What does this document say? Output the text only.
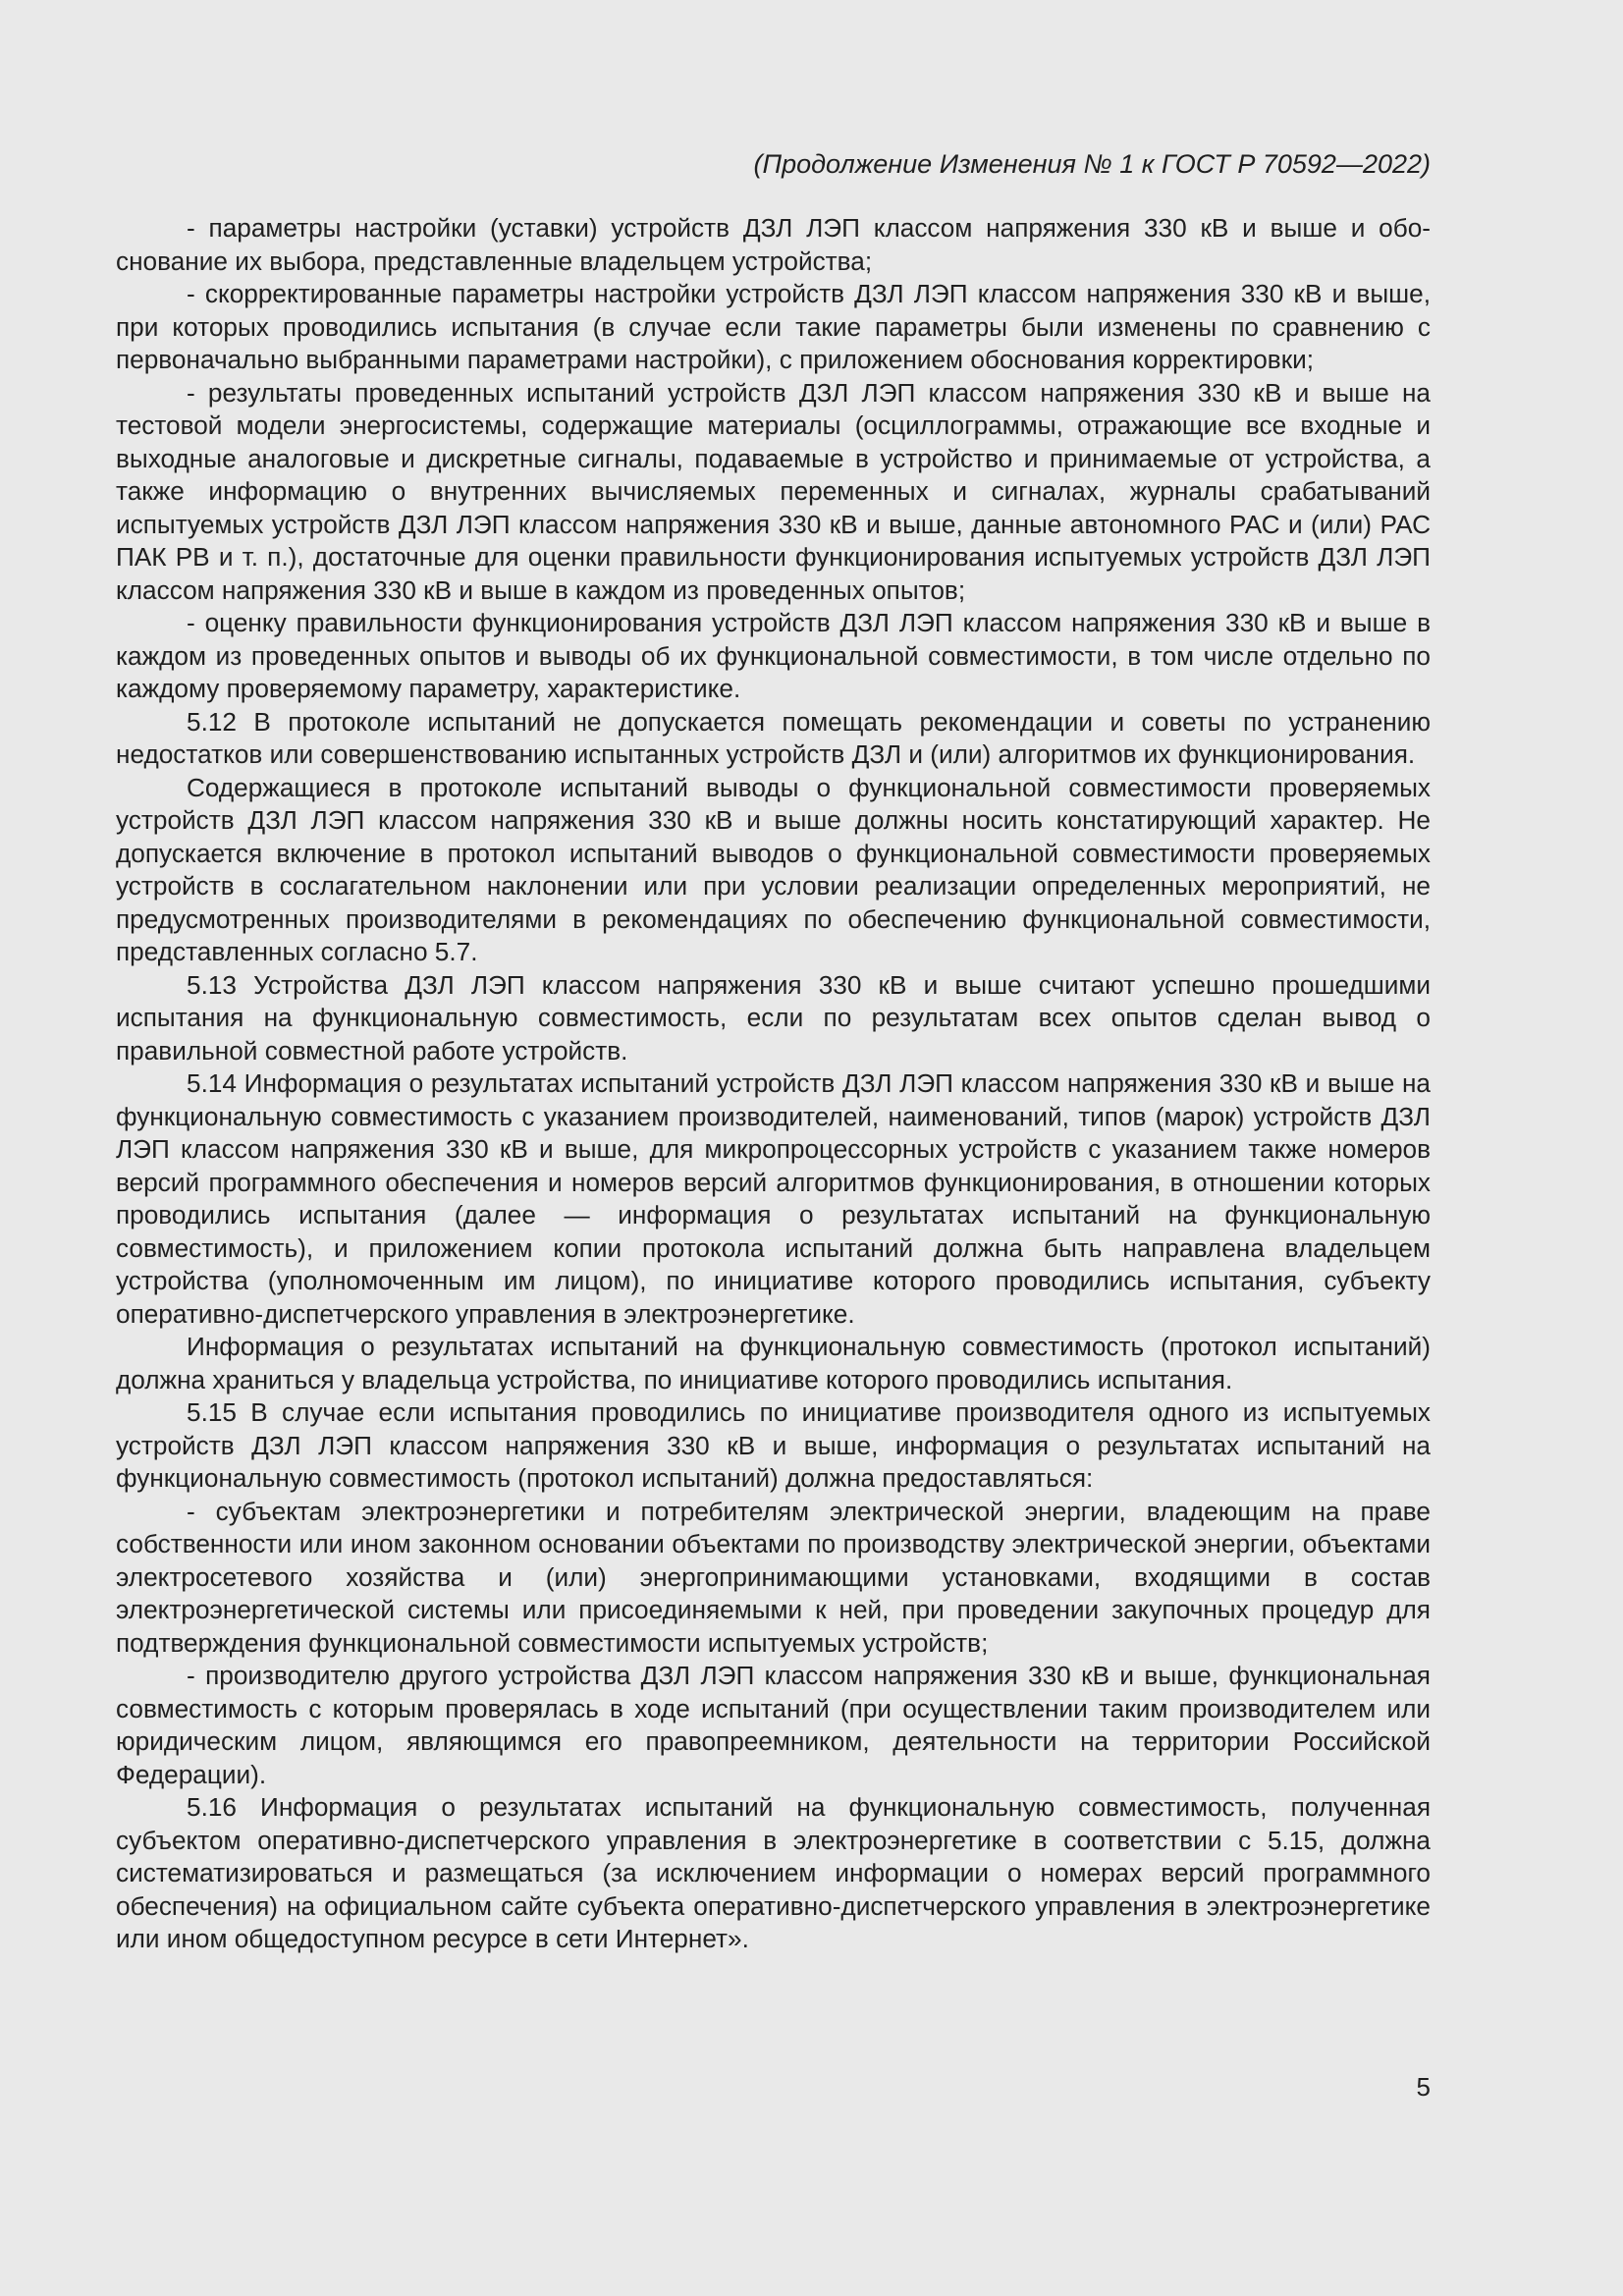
(Продолжение Изменения № 1 к ГОСТ Р 70592—2022)

- параметры настройки (уставки) устройств ДЗЛ ЛЭП классом напряжения 330 кВ и выше и обоснование их выбора, представленные владельцем устройства;

- скорректированные параметры настройки устройств ДЗЛ ЛЭП классом напряжения 330 кВ и выше, при которых проводились испытания (в случае если такие параметры были изменены по сравнению с первоначально выбранными параметрами настройки), с приложением обоснования корректировки;

- результаты проведенных испытаний устройств ДЗЛ ЛЭП классом напряжения 330 кВ и выше на тестовой модели энергосистемы, содержащие материалы (осциллограммы, отражающие все входные и выходные аналоговые и дискретные сигналы, подаваемые в устройство и принимаемые от устройства, а также информацию о внутренних вычисляемых переменных и сигналах, журналы срабатываний испытуемых устройств ДЗЛ ЛЭП классом напряжения 330 кВ и выше, данные автономного РАС и (или) РАС ПАК РВ и т. п.), достаточные для оценки правильности функционирования испытуемых устройств ДЗЛ ЛЭП классом напряжения 330 кВ и выше в каждом из проведенных опытов;

- оценку правильности функционирования устройств ДЗЛ ЛЭП классом напряжения 330 кВ и выше в каждом из проведенных опытов и выводы об их функциональной совместимости, в том числе отдельно по каждому проверяемому параметру, характеристике.

5.12 В протоколе испытаний не допускается помещать рекомендации и советы по устранению недостатков или совершенствованию испытанных устройств ДЗЛ и (или) алгоритмов их функционирования.

Содержащиеся в протоколе испытаний выводы о функциональной совместимости проверяемых устройств ДЗЛ ЛЭП классом напряжения 330 кВ и выше должны носить констатирующий характер. Не допускается включение в протокол испытаний выводов о функциональной совместимости проверяемых устройств в сослагательном наклонении или при условии реализации определенных мероприятий, не предусмотренных производителями в рекомендациях по обеспечению функциональной совместимости, представленных согласно 5.7.

5.13 Устройства ДЗЛ ЛЭП классом напряжения 330 кВ и выше считают успешно прошедшими испытания на функциональную совместимость, если по результатам всех опытов сделан вывод о правильной совместной работе устройств.

5.14 Информация о результатах испытаний устройств ДЗЛ ЛЭП классом напряжения 330 кВ и выше на функциональную совместимость с указанием производителей, наименований, типов (марок) устройств ДЗЛ ЛЭП классом напряжения 330 кВ и выше, для микропроцессорных устройств с указанием также номеров версий программного обеспечения и номеров версий алгоритмов функционирования, в отношении которых проводились испытания (далее — информация о результатах испытаний на функциональную совместимость), и приложением копии протокола испытаний должна быть направлена владельцем устройства (уполномоченным им лицом), по инициативе которого проводились испытания, субъекту оперативно-диспетчерского управления в электроэнергетике.

Информация о результатах испытаний на функциональную совместимость (протокол испытаний) должна храниться у владельца устройства, по инициативе которого проводились испытания.

5.15 В случае если испытания проводились по инициативе производителя одного из испытуемых устройств ДЗЛ ЛЭП классом напряжения 330 кВ и выше, информация о результатах испытаний на функциональную совместимость (протокол испытаний) должна предоставляться:

- субъектам электроэнергетики и потребителям электрической энергии, владеющим на праве собственности или ином законном основании объектами по производству электрической энергии, объектами электросетевого хозяйства и (или) энергопринимающими установками, входящими в состав электроэнергетической системы или присоединяемыми к ней, при проведении закупочных процедур для подтверждения функциональной совместимости испытуемых устройств;

- производителю другого устройства ДЗЛ ЛЭП классом напряжения 330 кВ и выше, функциональная совместимость с которым проверялась в ходе испытаний (при осуществлении таким производителем или юридическим лицом, являющимся его правопреемником, деятельности на территории Российской Федерации).

5.16 Информация о результатах испытаний на функциональную совместимость, полученная субъектом оперативно-диспетчерского управления в электроэнергетике в соответствии с 5.15, должна систематизироваться и размещаться (за исключением информации о номерах версий программного обеспечения) на официальном сайте субъекта оперативно-диспетчерского управления в электроэнергетике или ином общедоступном ресурсе в сети Интернет».

5
